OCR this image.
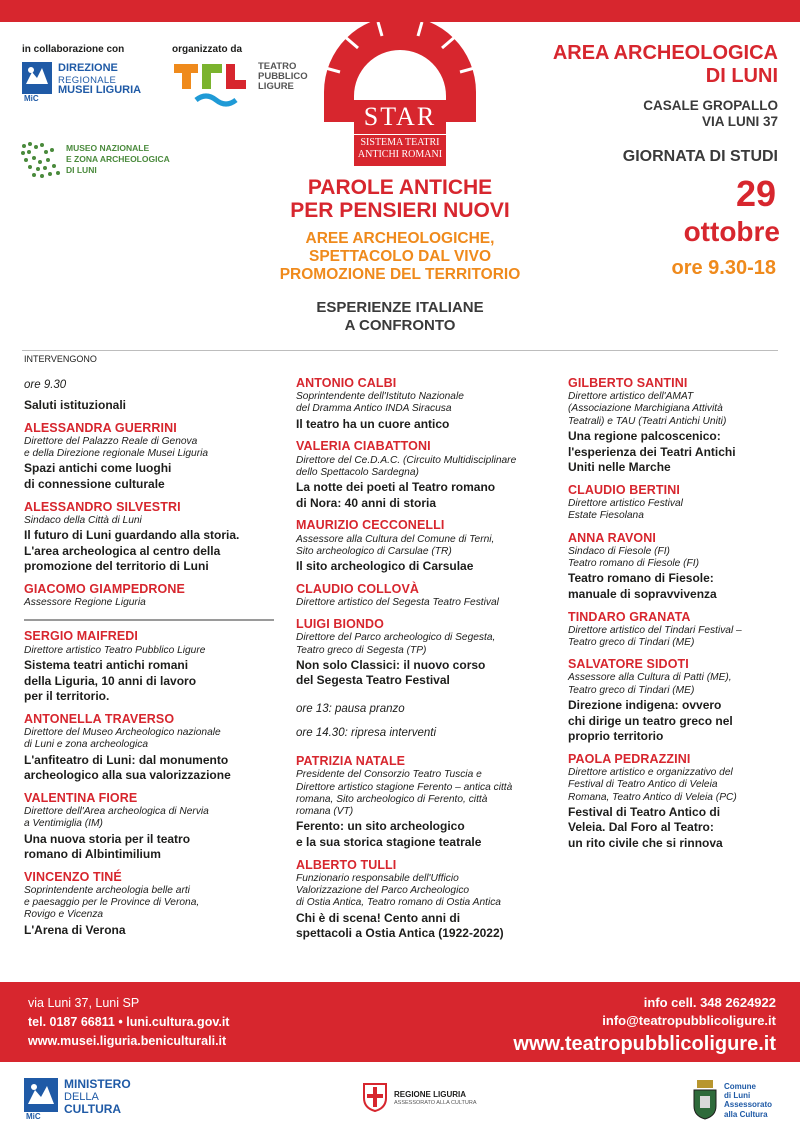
in collaborazione con
MiC
DIREZIONE
REGIONALE
MUSEI LIGURIA
organizzato da
TEATRO
PUBBLICO
LIGURE
MUSEO NAZIONALE
E ZONA ARCHEOLOGICA
DI LUNI
STAR
SISTEMA TEATRI
ANTICHI ROMANI
AREA ARCHEOLOGICA
DI LUNI
CASALE GROPALLO
VIA LUNI 37
GIORNATA DI STUDI
29
ottobre
ore 9.30-18
PAROLE ANTICHE
PER PENSIERI NUOVI
AREE ARCHEOLOGICHE,
SPETTACOLO DAL VIVO
PROMOZIONE DEL TERRITORIO
ESPERIENZE ITALIANE
A CONFRONTO
INTERVENGONO
ore 9.30
Saluti istituzionali
ALESSANDRA GUERRINI
Direttore del Palazzo Reale di Genova
e della Direzione regionale Musei Liguria
Spazi antichi come luoghi
di connessione culturale
ALESSANDRO SILVESTRI
Sindaco della Città di Luni
Il futuro di Luni guardando alla storia.
L'area archeologica al centro della
promozione del territorio di Luni
GIACOMO GIAMPEDRONE
Assessore Regione Liguria
SERGIO MAIFREDI
Direttore artistico Teatro Pubblico Ligure
Sistema teatri antichi romani
della Liguria, 10 anni di lavoro
per il territorio.
ANTONELLA TRAVERSO
Direttore del Museo Archeologico nazionale
di Luni e zona archeologica
L'anfiteatro di Luni: dal monumento
archeologico alla sua valorizzazione
VALENTINA FIORE
Direttore dell'Area archeologica di Nervia
a Ventimiglia (IM)
Una nuova storia per il teatro
romano di Albintimilium
VINCENZO TINÉ
Soprintendente archeologia belle arti
e paesaggio per le Province di Verona,
Rovigo e Vicenza
L'Arena di Verona
ANTONIO CALBI
Soprintendente dell'Istituto Nazionale
del Dramma Antico INDA Siracusa
Il teatro ha un cuore antico
VALERIA CIABATTONI
Direttore del Ce.D.A.C. (Circuito Multidisciplinare
dello Spettacolo Sardegna)
La notte dei poeti al Teatro romano
di Nora: 40 anni di storia
MAURIZIO CECCONELLI
Assessore alla Cultura del Comune di Terni,
Sito archeologico di Carsulae (TR)
Il sito archeologico di Carsulae
CLAUDIO COLLOVÀ
Direttore artistico del Segesta Teatro Festival
LUIGI BIONDO
Direttore del Parco archeologico di Segesta,
Teatro greco di Segesta (TP)
Non solo Classici: il nuovo corso
del Segesta Teatro Festival
ore 13: pausa pranzo
ore 14.30: ripresa interventi
PATRIZIA NATALE
Presidente del Consorzio Teatro Tuscia e
Direttore artistico stagione Ferento – antica città
romana, Sito archeologico di Ferento, città
romana (VT)
Ferento: un sito archeologico
e la sua storica stagione teatrale
ALBERTO TULLI
Funzionario responsabile dell'Ufficio
Valorizzazione del Parco Archeologico
di Ostia Antica, Teatro romano di Ostia Antica
Chi è di scena! Cento anni di
spettacoli a Ostia Antica (1922-2022)
GILBERTO SANTINI
Direttore artistico dell'AMAT
(Associazione Marchigiana Attività
Teatrali) e TAU (Teatri Antichi Uniti)
Una regione palcoscenico:
l'esperienza dei Teatri Antichi
Uniti nelle Marche
CLAUDIO BERTINI
Direttore artistico Festival
Estate Fiesolana
ANNA RAVONI
Sindaco di Fiesole (FI)
Teatro romano di Fiesole (FI)
Teatro romano di Fiesole:
manuale di sopravvivenza
TINDARO GRANATA
Direttore artistico del Tindari Festival –
Teatro greco di Tindari (ME)
SALVATORE SIDOTI
Assessore alla Cultura di Patti (ME),
Teatro greco di Tindari (ME)
Direzione indigena: ovvero
chi dirige un teatro greco nel
proprio territorio
PAOLA PEDRAZZINI
Direttore artistico e organizzativo del
Festival di Teatro Antico di Veleia
Romana, Teatro Antico di Veleia (PC)
Festival di Teatro Antico di
Veleia. Dal Foro al Teatro:
un rito civile che si rinnova
via Luni 37, Luni SP
tel. 0187 66811 • luni.cultura.gov.it
www.musei.liguria.beniculturali.it
info cell. 348 2624922
info@teatropubblicoligure.it
www.teatropubblicoligure.it
MiC
MINISTERO
DELLA
CULTURA
REGIONE LIGURIA
ASSESSORATO ALLA CULTURA
Comune
di Luni
Assessorato
alla Cultura
